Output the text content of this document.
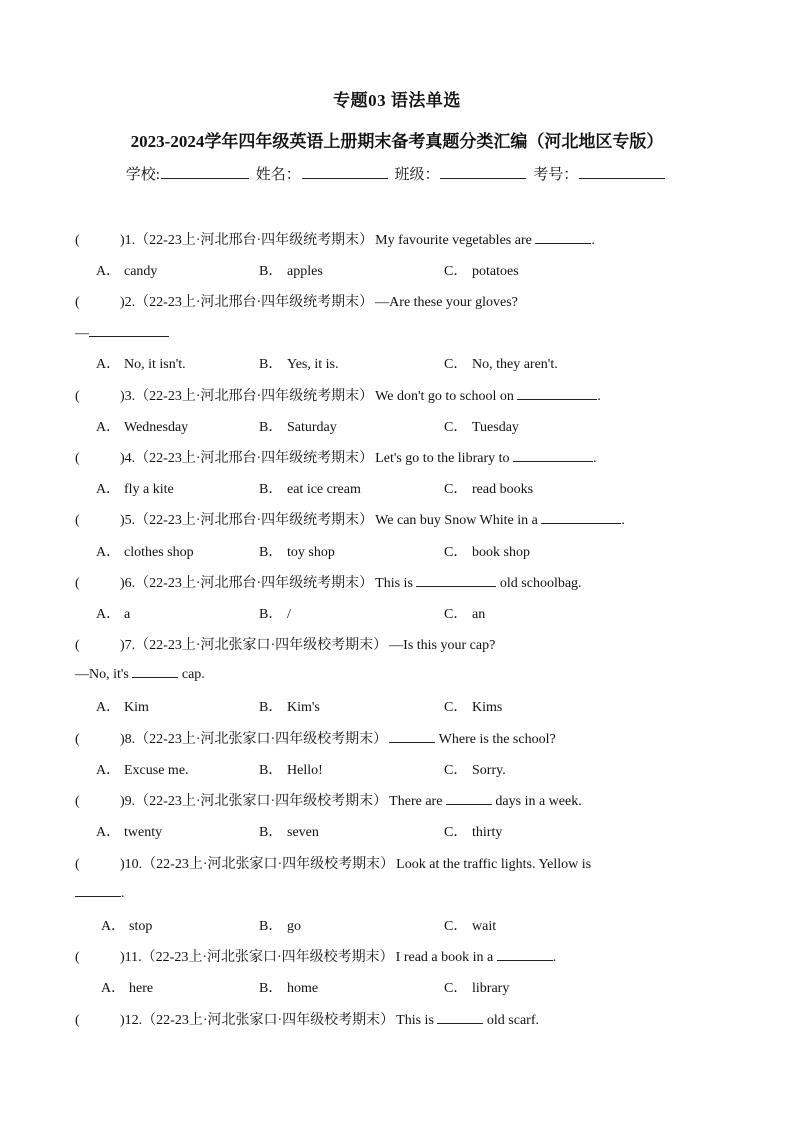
专题03 语法单选
2023-2024学年四年级英语上册期末备考真题分类汇编（河北地区专版）
学校:	姓名：	班级：	考号：
(	)1.（22-23上·河北邢台·四年级统考期末） My favourite vegetables are	.
A． candy	B． apples	C． potatoes
(	)2.（22-23上·河北邢台·四年级统考期末） —Are these your gloves?
—
A． No, it isn't.	B． Yes, it is.	C． No, they aren't.
(	)3.（22-23上·河北邢台·四年级统考期末） We don't go to school on	.
A． Wednesday	B． Saturday	C． Tuesday
(	)4.（22-23上·河北邢台·四年级统考期末） Let's go to the library to	.
A． fly a kite	B． eat ice cream	C． read books
(	)5.（22-23上·河北邢台·四年级统考期末） We can buy Snow White in a	.
A． clothes shop	B． toy shop	C． book shop
(	)6.（22-23上·河北邢台·四年级统考期末） This is	old schoolbag.
A． a	B． /	C． an
(	)7.（22-23上·河北张家口·四年级校考期末） —Is this your cap?
—No, it's	cap.
A． Kim	B． Kim's	C． Kims
(	)8.（22-23上·河北张家口·四年级校考期末）	Where is the school?
A． Excuse me.	B． Hello!	C． Sorry.
(	)9.（22-23上·河北张家口·四年级校考期末） There are	days in a week.
A． twenty	B． seven	C． thirty
(	)10.（22-23上·河北张家口·四年级校考期末） Look at the traffic lights. Yellow is
.
A． stop	B． go	C． wait
(	)11.（22-23上·河北张家口·四年级校考期末） I read a book in a	.
A． here	B． home	C． library
(	)12.（22-23上·河北张家口·四年级校考期末） This is	old scarf.
